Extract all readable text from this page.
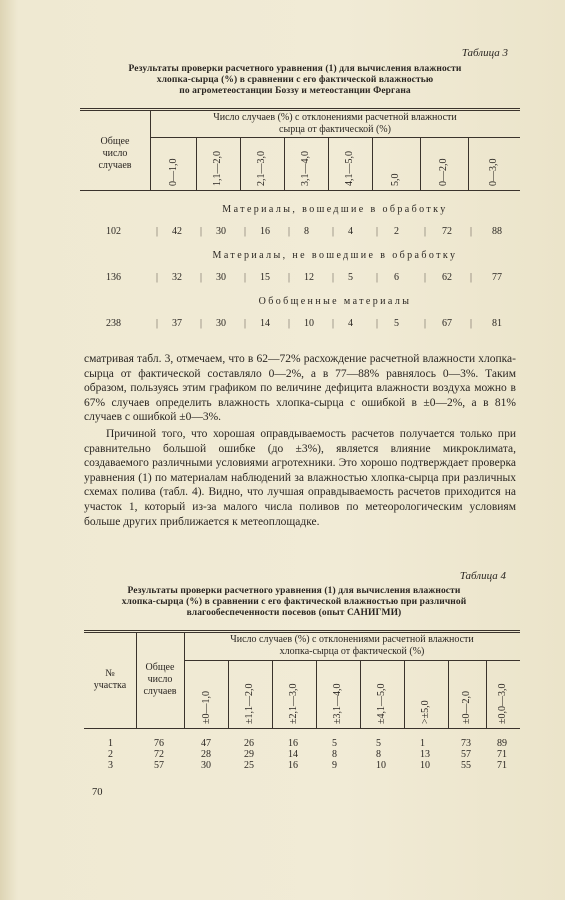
Таблица 3
Результаты проверки расчетного уравнения (1) для вычисления влажности
хлопка-сырца (%) в сравнении с его фактической влажностью
по агрометеостанции Боззу и метеостанции Фергана
Общее
число
случаев
Число случаев (%) с отклонениями расчетной влажности
сырца от фактической (%)
0—1,0	1,1—2,0	2,1—3,0	3,1—4,0	4,1—5,0	5,0	0—2,0	0—3,0
Материалы, вошедшие в обработку
102	| 42 | 30 | 16 | 8 | 4 | 2	| 72 | 88
Материалы, не вошедшие в обработку
136	| 32 | 30 | 15 | 12 | 5 | 6	| 62 | 77
Обобщенные материалы
238	| 37 | 30 | 14 | 10 | 4 | 5	| 67 | 81

сматривая табл. 3, отмечаем, что в 62—72% расхождение расчетной влажности хлопка-сырца от фактической составляло 0—2%, а в 77—88% равнялось 0—3%. Таким образом, пользуясь этим графиком по величине дефицита влажности воздуха можно в 67% случаев определить влажность хлопка-сырца с ошибкой в ±0—2%, а в 81% случаев с ошибкой ±0—3%.

Причиной того, что хорошая оправдываемость расчетов получается только при сравнительно большой ошибке (до ±3%), является влияние микроклимата, создаваемого различными условиями агротехники. Это хорошо подтверждает проверка уравнения (1) по материалам наблюдений за влажностью хлопка-сырца при различных схемах полива (табл. 4). Видно, что лучшая оправдываемость расчетов приходится на участок 1, который из-за малого числа поливов по метеорологическим условиям больше других приближается к метеоплощадке.

Таблица 4
Результаты проверки расчетного уравнения (1) для вычисления влажности
хлопка-сырца (%) в сравнении с его фактической влажностью при различной
влагообеспеченности посевов (опыт САНИГМИ)
№
участка
Общее
число
случаев
Число случаев (%) с отклонениями расчетной влажности
хлопка-сырца от фактической (%)
±0—1,0	±1,1—2,0	±2,1—3,0	±3,1—4,0	±4,1—5,0	>±5,0	±0—2,0	±0,0—3,0
1	76	47	26	16	5	5	1	73	89
2	72	28	29	14	8	8	13	57	71
3	57	30	25	16	9	10	10	55	71
70
